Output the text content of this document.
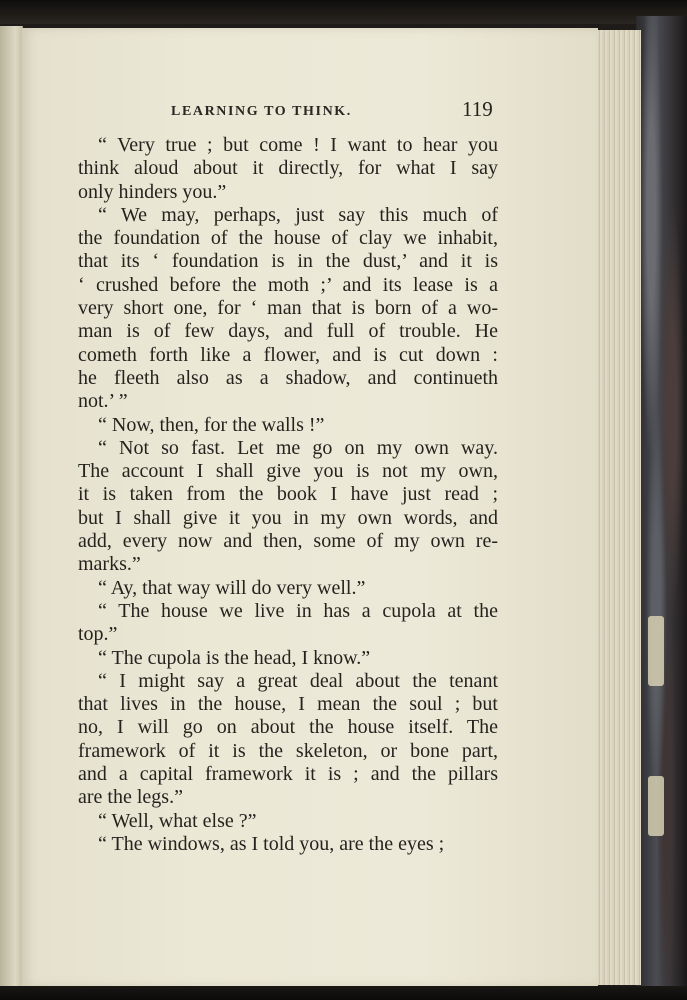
LEARNING TO THINK.	119
“ Very true ; but come ! I want to hear you
think aloud about it directly, for what I say
only hinders you.”
“ We may, perhaps, just say this much of
the foundation of the house of clay we inhabit,
that its ‘ foundation is in the dust,’ and it is
‘ crushed before the moth ;’ and its lease is a
very short one, for ‘ man that is born of a wo-
man is of few days, and full of trouble. He
cometh forth like a flower, and is cut down :
he fleeth also as a shadow, and continueth
not.’ ”
“ Now, then, for the walls !”
“ Not so fast. Let me go on my own way.
The account I shall give you is not my own,
it is taken from the book I have just read ;
but I shall give it you in my own words, and
add, every now and then, some of my own re-
marks.”
“ Ay, that way will do very well.”
“ The house we live in has a cupola at the
top.”
“ The cupola is the head, I know.”
“ I might say a great deal about the tenant
that lives in the house, I mean the soul ; but
no, I will go on about the house itself. The
framework of it is the skeleton, or bone part,
and a capital framework it is ; and the pillars
are the legs.”
“ Well, what else ?”
“ The windows, as I told you, are the eyes ;
